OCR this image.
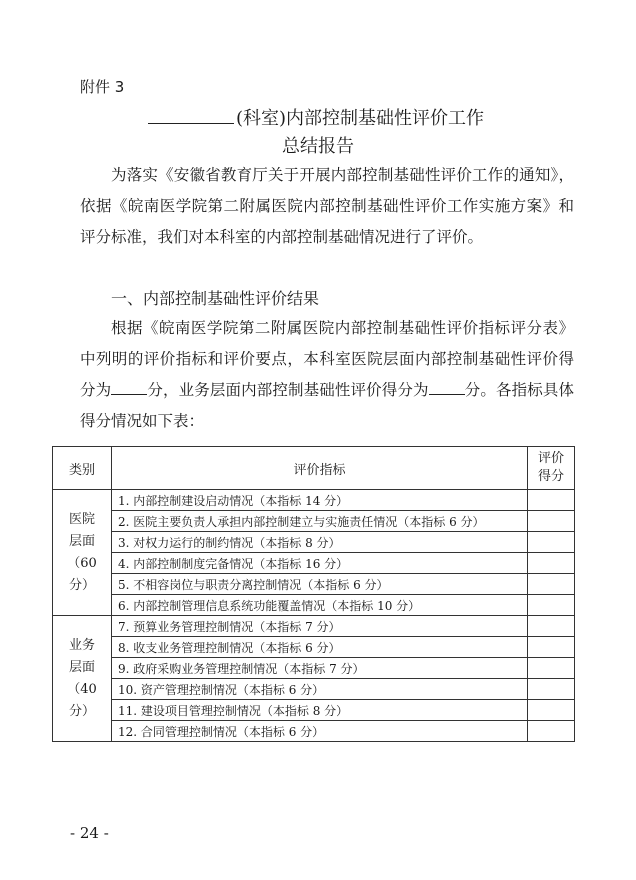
附件 3
(科室)内部控制基础性评价工作
总结报告
为落实《安徽省教育厅关于开展内部控制基础性评价工作的通知》，依据《皖南医学院第二附属医院内部控制基础性评价工作实施方案》和评分标准，我们对本科室的内部控制基础情况进行了评价。
一、内部控制基础性评价结果
根据《皖南医学院第二附属医院内部控制基础性评价指标评分表》中列明的评价指标和评价要点，本科室医院层面内部控制基础性评价得分为 分，业务层面内部控制基础性评价得分为 分。各指标具体得分情况如下表：
类别	评价指标	评价
得分
医院
层面
（60分）	1. 内部控制建设启动情况（本指标 14 分）	
	2. 医院主要负责人承担内部控制建立与实施责任情况（本指标 6 分）	
	3. 对权力运行的制约情况（本指标 8 分）	
	4. 内部控制制度完备情况（本指标 16 分）	
	5. 不相容岗位与职责分离控制情况（本指标 6 分）	
	6. 内部控制管理信息系统功能覆盖情况（本指标 10 分）	
业务
层面
（40分）	7. 预算业务管理控制情况（本指标 7 分）	
	8. 收支业务管理控制情况（本指标 6 分）	
	9. 政府采购业务管理控制情况（本指标 7 分）	
	10. 资产管理控制情况（本指标 6 分）	
	11. 建设项目管理控制情况（本指标 8 分）	
	12. 合同管理控制情况（本指标 6 分）	
- 24 -
